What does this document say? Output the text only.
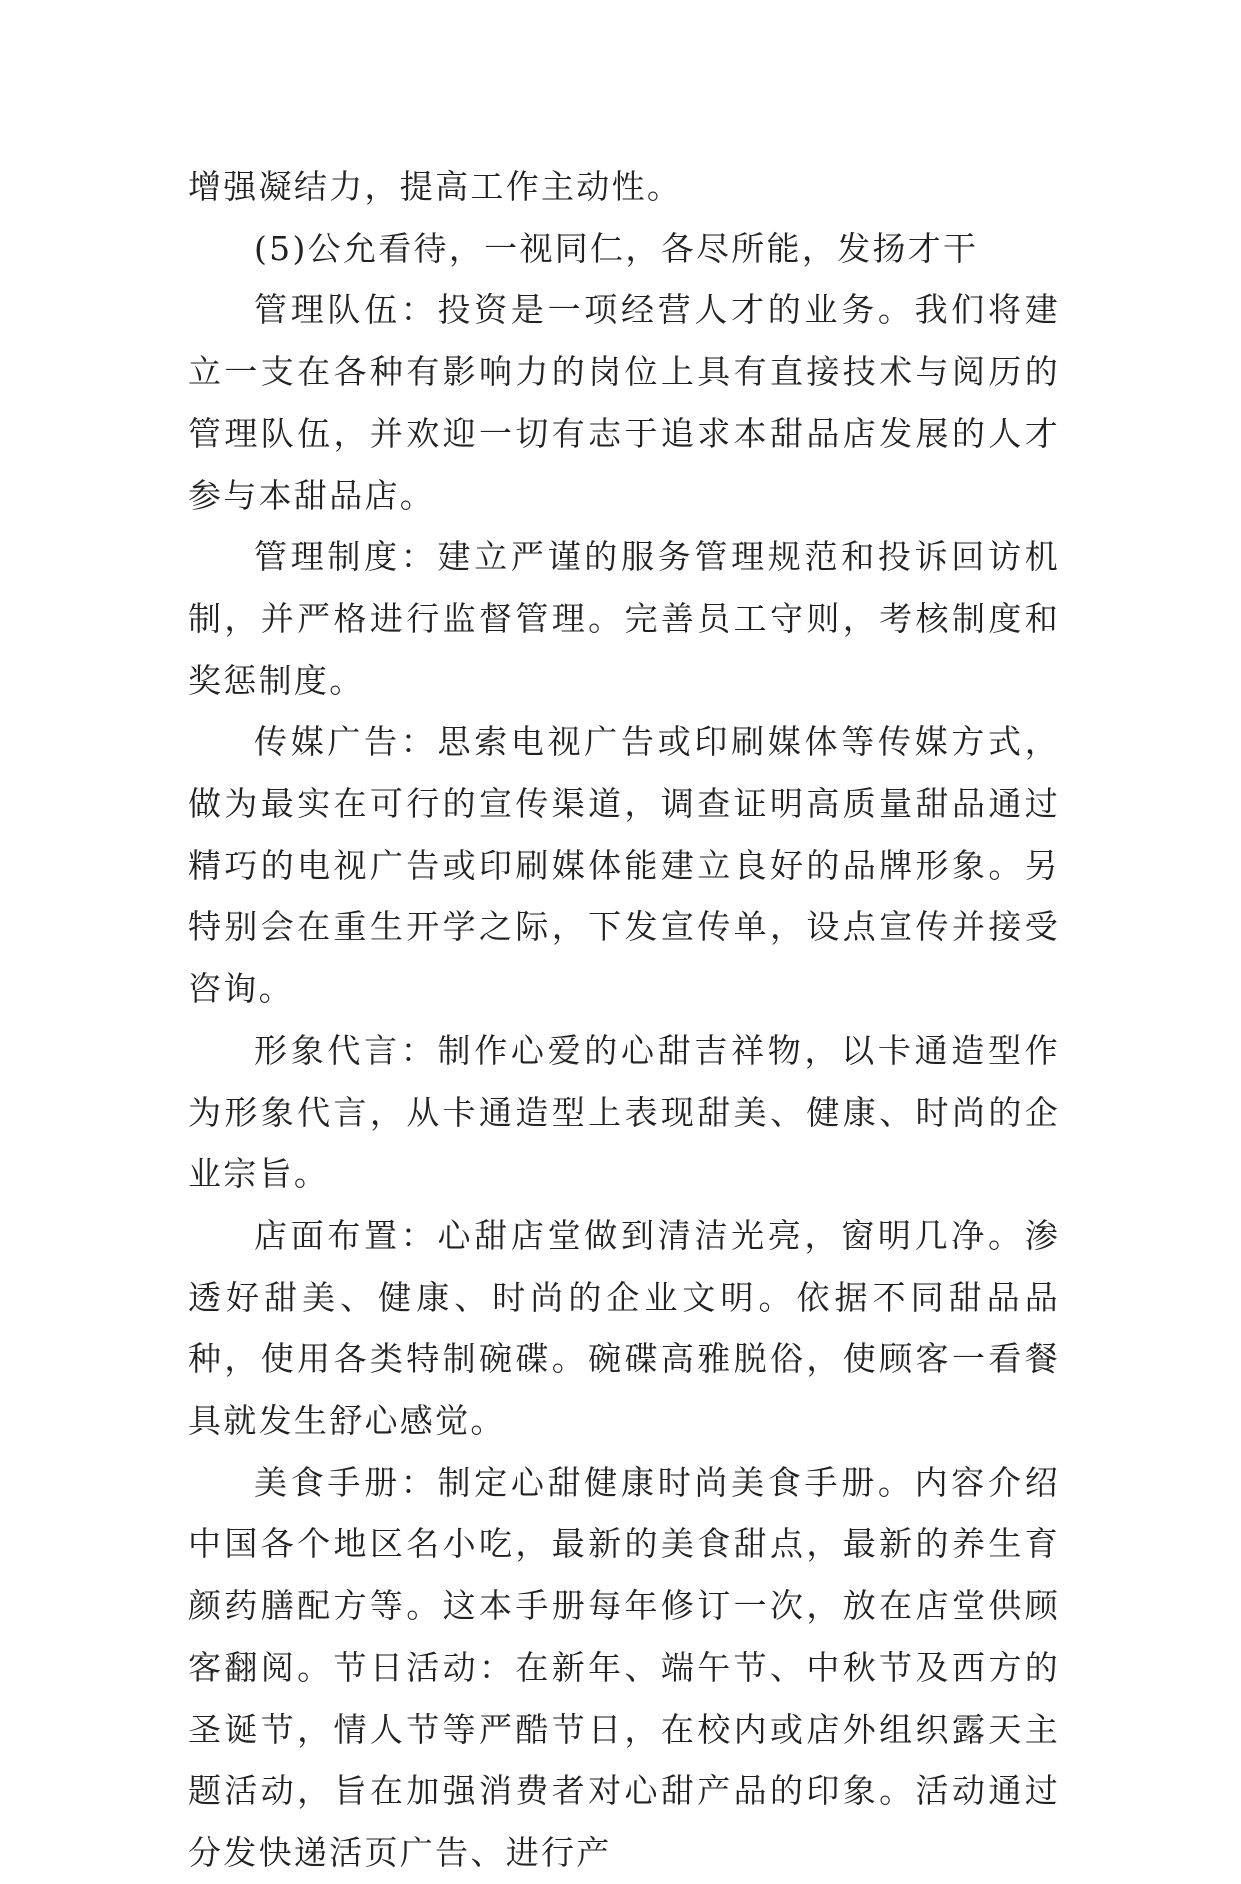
增强凝结力，提高工作主动性。

(5)公允看待，一视同仁，各尽所能，发扬才干

管理队伍：投资是一项经营人才的业务。我们将建立一支在各种有影响力的岗位上具有直接技术与阅历的管理队伍，并欢迎一切有志于追求本甜品店发展的人才参与本甜品店。

管理制度：建立严谨的服务管理规范和投诉回访机制，并严格进行监督管理。完善员工守则，考核制度和奖惩制度。

传媒广告：思索电视广告或印刷媒体等传媒方式，做为最实在可行的宣传渠道，调查证明高质量甜品通过精巧的电视广告或印刷媒体能建立良好的品牌形象。另特别会在重生开学之际，下发宣传单，设点宣传并接受咨询。

形象代言：制作心爱的心甜吉祥物，以卡通造型作为形象代言，从卡通造型上表现甜美、健康、时尚的企业宗旨。

店面布置：心甜店堂做到清洁光亮，窗明几净。渗透好甜美、健康、时尚的企业文明。依据不同甜品品种，使用各类特制碗碟。碗碟高雅脱俗，使顾客一看餐具就发生舒心感觉。

美食手册：制定心甜健康时尚美食手册。内容介绍中国各个地区名小吃，最新的美食甜点，最新的养生育颜药膳配方等。这本手册每年修订一次，放在店堂供顾客翻阅。节日活动：在新年、端午节、中秋节及西方的圣诞节，情人节等严酷节日，在校内或店外组织露天主题活动，旨在加强消费者对心甜产品的印象。活动通过分发快递活页广告、进行产
